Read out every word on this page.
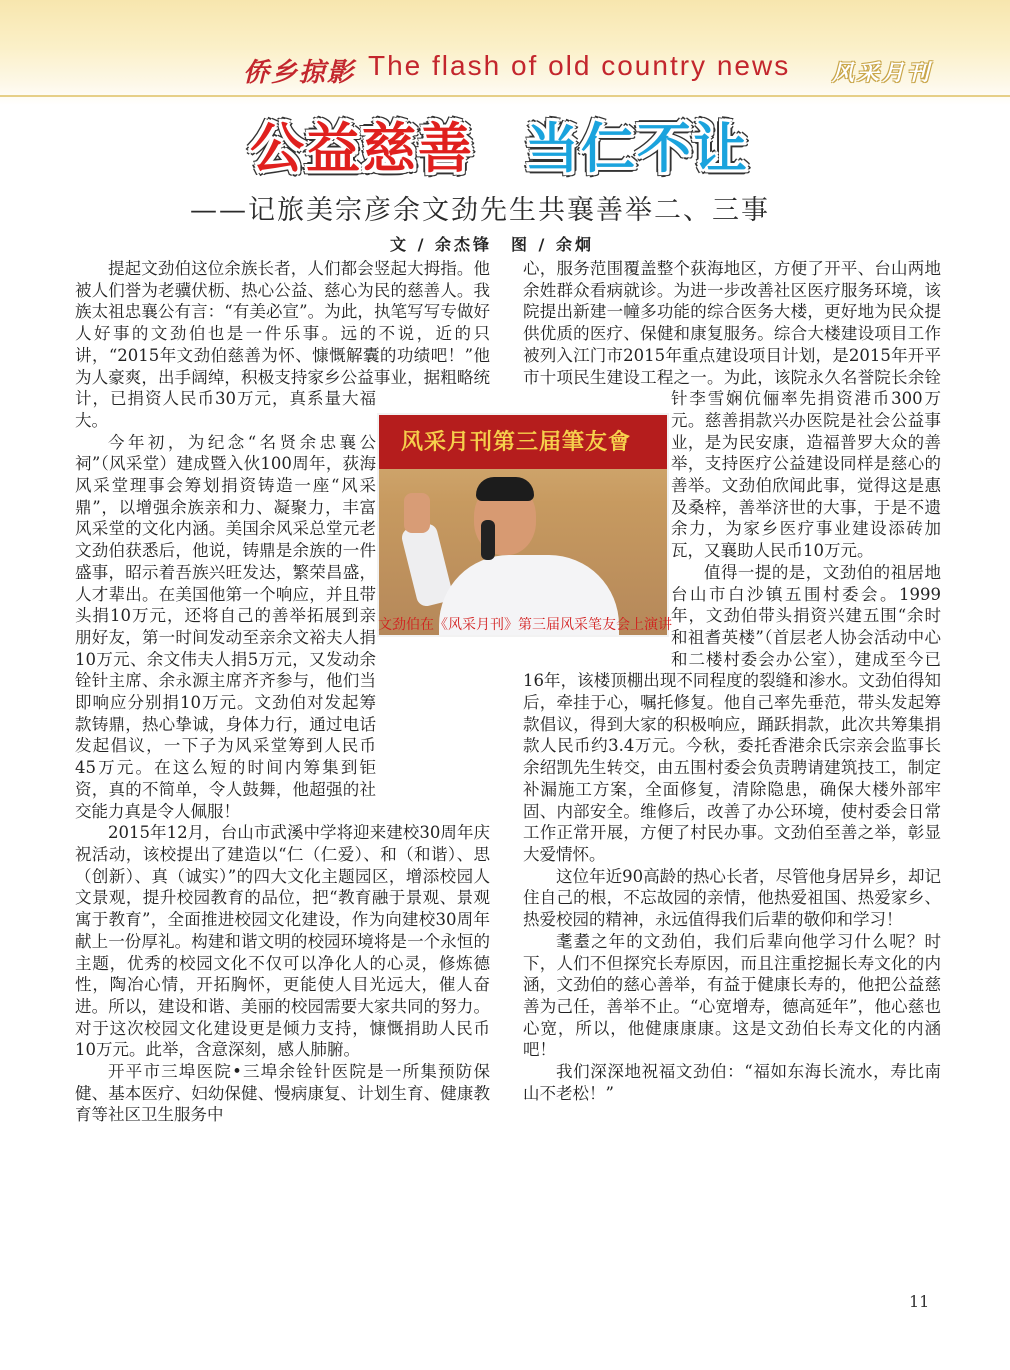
侨乡掠影 The flash of old country news 风采月刊
公益慈善 当仁不让
——记旅美宗彦余文劲先生共襄善举二、三事
文 / 余杰锋　图 / 余炯

提起文劲伯这位余族长者，人们都会竖起大拇指。他被人们誉为老骥伏枥、热心公益、慈心为民的慈善人。我族太祖忠襄公有言：“有美必宣”。为此，执笔写写专做好人好事的文劲伯也是一件乐事。远的不说，近的只讲，“2015年文劲伯慈善为怀、慷慨解囊的功绩吧！”他为人豪爽，出手阔绰，积极支持家乡公益事业，据粗略统计，已捐资人民币30万元，真系量大福大。

今年初，为纪念“名贤余忠襄公祠”（风采堂）建成暨入伙100周年，荻海风采堂理事会筹划捐资铸造一座“风采鼎”，以增强余族亲和力、凝聚力，丰富风采堂的文化内涵。美国余风采总堂元老文劲伯获悉后，他说，铸鼎是余族的一件盛事，昭示着吾族兴旺发达，繁荣昌盛，人才辈出。在美国他第一个响应，并且带头捐10万元，还将自己的善举拓展到亲朋好友，第一时间发动至亲余文裕夫人捐10万元、余文伟夫人捐5万元，又发动余铨针主席、余永源主席齐齐参与，他们当即响应分别捐10万元。文劲伯对发起筹款铸鼎，热心挚诚，身体力行，通过电话发起倡议，一下子为风采堂筹到人民币45万元。在这么短的时间内筹集到钜资，真的不简单，令人鼓舞，他超强的社交能力真是令人佩服！

2015年12月，台山市武溪中学将迎来建校30周年庆祝活动，该校提出了建造以“仁（仁爱）、和（和谐）、思（创新）、真（诚实）”的四大文化主题园区，增添校园人文景观，提升校园教育的品位，把“教育融于景观、景观寓于教育”，全面推进校园文化建设，作为向建校30周年献上一份厚礼。构建和谐文明的校园环境将是一个永恒的主题，优秀的校园文化不仅可以净化人的心灵，修炼德性，陶冶心情，开拓胸怀，更能使人目光远大，催人奋进。所以，建设和谐、美丽的校园需要大家共同的努力。对于这次校园文化建设更是倾力支持，慷慨捐助人民币10万元。此举，含意深刻，感人肺腑。

开平市三埠医院•三埠余铨针医院是一所集预防保健、基本医疗、妇幼保健、慢病康复、计划生育、健康教育等社区卫生服务中

心，服务范围覆盖整个荻海地区，方便了开平、台山两地余姓群众看病就诊。为进一步改善社区医疗服务环境，该院提出新建一幢多功能的综合医务大楼，更好地为民众提供优质的医疗、保健和康复服务。综合大楼建设项目工作被列入江门市2015年重点建设项目计划，是2015年开平市十项民生建设工程之一。为此，该院永久名誉院长余铨针李雪娴伉俪率先捐资港币300万元。慈善捐款兴办医院是社会公益事业，是为民安康，造福普罗大众的善举，支持医疗公益建设同样是慈心的善举。文劲伯欣闻此事，觉得这是惠及桑梓，善举济世的大事，于是不遗余力，为家乡医疗事业建设添砖加瓦，又襄助人民币10万元。

值得一提的是，文劲伯的祖居地台山市白沙镇五围村委会。1999年，文劲伯带头捐资兴建五围“余时和祖耆英楼”（首层老人协会活动中心和二楼村委会办公室），建成至今已16年，该楼顶棚出现不同程度的裂缝和渗水。文劲伯得知后，牵挂于心，嘱托修复。他自己率先垂范，带头发起筹款倡议，得到大家的积极响应，踊跃捐款，此次共筹集捐款人民币约3.4万元。今秋，委托香港余氏宗亲会监事长余绍凯先生转交，由五围村委会负责聘请建筑技工，制定补漏施工方案，全面修复，清除隐患，确保大楼外部牢固、内部安全。维修后，改善了办公环境，使村委会日常工作正常开展，方便了村民办事。文劲伯至善之举，彰显大爱情怀。

这位年近90高龄的热心长者，尽管他身居异乡，却记住自己的根，不忘故园的亲情，他热爱祖国、热爱家乡、热爱校园的精神，永远值得我们后辈的敬仰和学习！

耄耋之年的文劲伯，我们后辈向他学习什么呢？时下，人们不但探究长寿原因，而且注重挖掘长寿文化的内涵，文劲伯的慈心善举，有益于健康长寿的，他把公益慈善为己任，善举不止。“心宽增寿，德高延年”，他心慈也心宽，所以，他健康康康。这是文劲伯长寿文化的内涵吧！

我们深深地祝福文劲伯：“福如东海长流水，寿比南山不老松！”

风采月刊第三届筆友會
文劲伯在《风采月刊》第三届风采笔友会上演讲
11
